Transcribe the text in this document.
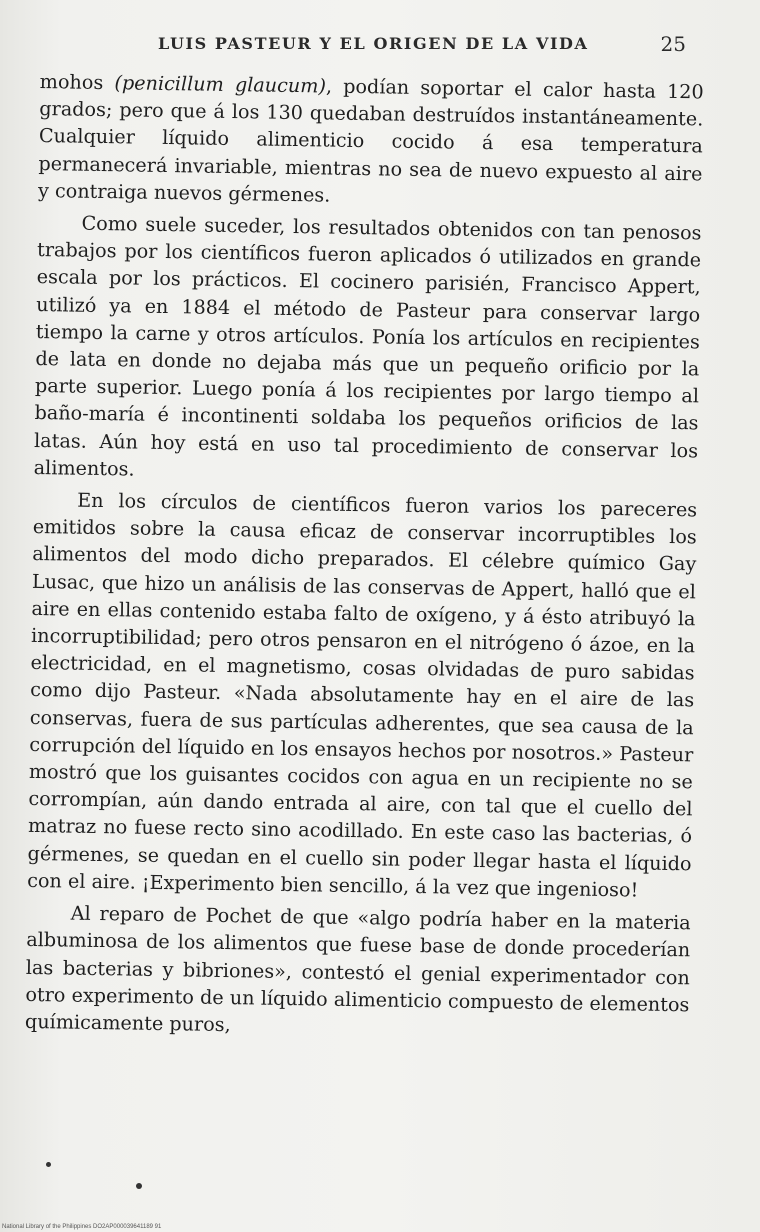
LUIS PASTEUR Y EL ORIGEN DE LA VIDA	25

mohos (penicillum glaucum), podían soportar el calor hasta 120 grados; pero que á los 130 quedaban destruídos instantáneamente. Cualquier líquido alimenticio cocido á esa temperatura permanecerá invariable, mientras no sea de nuevo expuesto al aire y contraiga nuevos gérmenes.

Como suele suceder, los resultados obtenidos con tan penosos trabajos por los científicos fueron aplicados ó utilizados en grande escala por los prácticos. El cocinero parisién, Francisco Appert, utilizó ya en 1884 el método de Pasteur para conservar largo tiempo la carne y otros artículos. Ponía los artículos en recipientes de lata en donde no dejaba más que un pequeño orificio por la parte superior. Luego ponía á los recipientes por largo tiempo al baño-maría é incontinenti soldaba los pequeños orificios de las latas. Aún hoy está en uso tal procedimiento de conservar los alimentos.

En los círculos de científicos fueron varios los pareceres emitidos sobre la causa eficaz de conservar incorruptibles los alimentos del modo dicho preparados. El célebre químico Gay Lusac, que hizo un análisis de las conservas de Appert, halló que el aire en ellas contenido estaba falto de oxígeno, y á ésto atribuyó la incorruptibilidad; pero otros pensaron en el nitrógeno ó ázoe, en la electricidad, en el magnetismo, cosas olvidadas de puro sabidas como dijo Pasteur. «Nada absolutamente hay en el aire de las conservas, fuera de sus partículas adherentes, que sea causa de la corrupción del líquido en los ensayos hechos por nosotros.» Pasteur mostró que los guisantes cocidos con agua en un recipiente no se corrompían, aún dando entrada al aire, con tal que el cuello del matraz no fuese recto sino acodillado. En este caso las bacterias, ó gérmenes, se quedan en el cuello sin poder llegar hasta el líquido con el aire. ¡Experimento bien sencillo, á la vez que ingenioso!

Al reparo de Pochet de que «algo podría haber en la materia albuminosa de los alimentos que fuese base de donde procederían las bacterias y bibriones», contestó el genial experimentador con otro experimento de un líquido alimenticio compuesto de elementos químicamente puros,

National Library of the Philippines DO2AP000039641189 91
